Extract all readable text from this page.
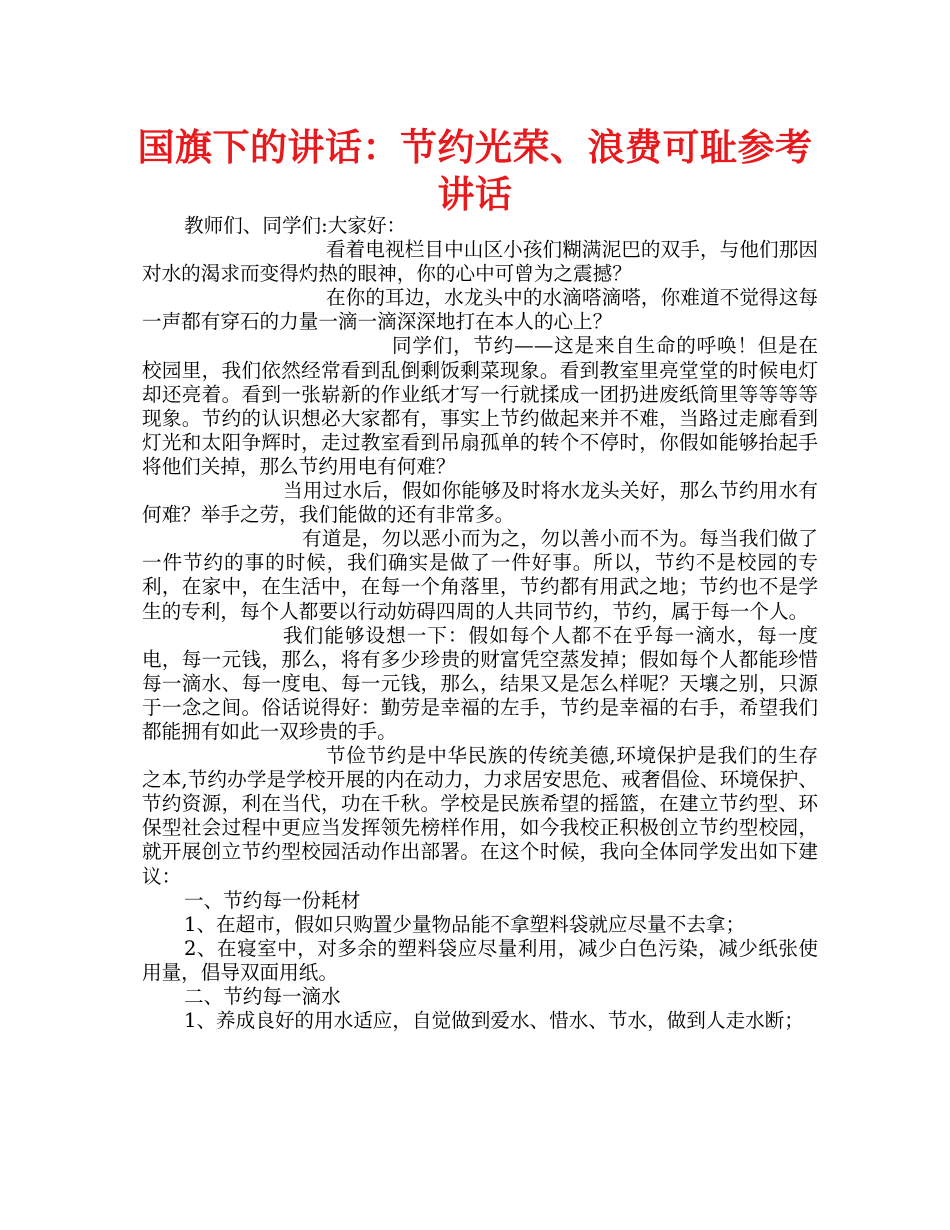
国旗下的讲话：节约光荣、浪费可耻参考讲话

教师们、同学们:大家好：

看着电视栏目中山区小孩们糊满泥巴的双手，与他们那因对水的渴求而变得灼热的眼神，你的心中可曾为之震撼？

在你的耳边，水龙头中的水滴嗒滴嗒，你难道不觉得这每一声都有穿石的力量一滴一滴深深地打在本人的心上？

同学们，节约——这是来自生命的呼唤！但是在校园里，我们依然经常看到乱倒剩饭剩菜现象。看到教室里亮堂堂的时候电灯却还亮着。看到一张崭新的作业纸才写一行就揉成一团扔进废纸筒里等等等等现象。节约的认识想必大家都有，事实上节约做起来并不难，当路过走廊看到灯光和太阳争辉时，走过教室看到吊扇孤单的转个不停时，你假如能够抬起手将他们关掉，那么节约用电有何难？

当用过水后，假如你能够及时将水龙头关好，那么节约用水有何难？举手之劳，我们能做的还有非常多。

有道是，勿以恶小而为之，勿以善小而不为。每当我们做了一件节约的事的时候，我们确实是做了一件好事。所以，节约不是校园的专利，在家中，在生活中，在每一个角落里，节约都有用武之地；节约也不是学生的专利，每个人都要以行动妨碍四周的人共同节约，节约，属于每一个人。

我们能够设想一下：假如每个人都不在乎每一滴水，每一度电，每一元钱，那么，将有多少珍贵的财富凭空蒸发掉；假如每个人都能珍惜每一滴水、每一度电、每一元钱，那么，结果又是怎么样呢？天壤之别，只源于一念之间。俗话说得好：勤劳是幸福的左手，节约是幸福的右手，希望我们都能拥有如此一双珍贵的手。

节俭节约是中华民族的传统美德,环境保护是我们的生存之本,节约办学是学校开展的内在动力，力求居安思危、戒奢倡俭、环境保护、节约资源，利在当代，功在千秋。学校是民族希望的摇篮，在建立节约型、环保型社会过程中更应当发挥领先榜样作用，如今我校正积极创立节约型校园，就开展创立节约型校园活动作出部署。在这个时候，我向全体同学发出如下建议：

一、节约每一份耗材

1、在超市，假如只购置少量物品能不拿塑料袋就应尽量不去拿；

2、在寝室中，对多余的塑料袋应尽量利用，减少白色污染，减少纸张使用量，倡导双面用纸。

二、节约每一滴水

1、养成良好的用水适应，自觉做到爱水、惜水、节水，做到人走水断；
